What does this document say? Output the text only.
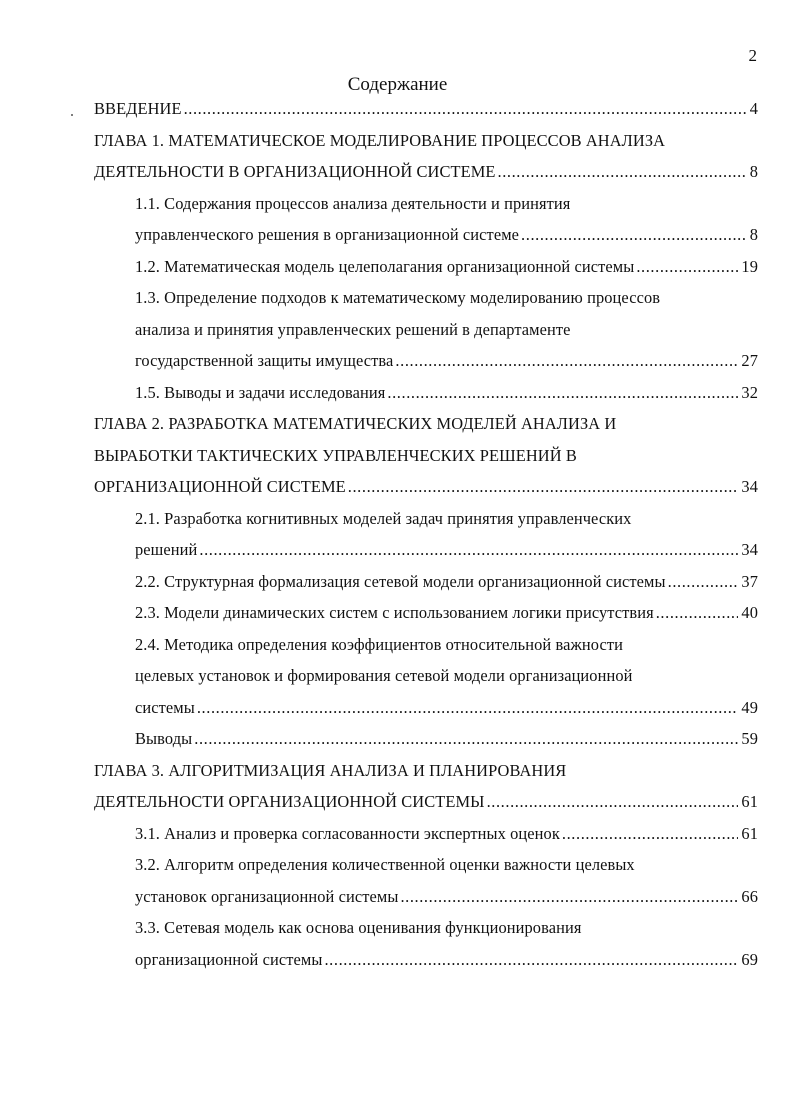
2
Содержание
ВВЕДЕНИЕ .....	4
ГЛАВА 1. МАТЕМАТИЧЕСКОЕ МОДЕЛИРОВАНИЕ ПРОЦЕССОВ АНАЛИЗА
ДЕЯТЕЛЬНОСТИ В ОРГАНИЗАЦИОННОЙ СИСТЕМЕ .....	8
1.1. Содержания процессов анализа деятельности и принятия
управленческого решения в организационной системе .....	8
1.2. Математическая модель целеполагания организационной системы .....	19
1.3. Определение подходов к математическому моделированию процессов
анализа и принятия управленческих решений в департаменте
государственной защиты имущества .....	27
1.5. Выводы и задачи исследования .....	32
ГЛАВА 2. РАЗРАБОТКА МАТЕМАТИЧЕСКИХ МОДЕЛЕЙ АНАЛИЗА И
ВЫРАБОТКИ ТАКТИЧЕСКИХ УПРАВЛЕНЧЕСКИХ РЕШЕНИЙ В
ОРГАНИЗАЦИОННОЙ СИСТЕМЕ .....	34
2.1. Разработка когнитивных моделей задач принятия управленческих
решений .....	34
2.2. Структурная формализация сетевой модели организационной системы .....	37
2.3. Модели динамических систем с использованием логики присутствия .....	40
2.4. Методика определения коэффициентов относительной важности
целевых установок и формирования сетевой модели организационной
системы .....	49
Выводы .....	59
ГЛАВА 3. АЛГОРИТМИЗАЦИЯ АНАЛИЗА И ПЛАНИРОВАНИЯ
ДЕЯТЕЛЬНОСТИ ОРГАНИЗАЦИОННОЙ СИСТЕМЫ .....	61
3.1. Анализ и проверка согласованности экспертных оценок .....	61
3.2. Алгоритм определения количественной оценки важности целевых
установок организационной системы .....	66
3.3. Сетевая модель как основа оценивания функционирования
организационной системы .....	69
